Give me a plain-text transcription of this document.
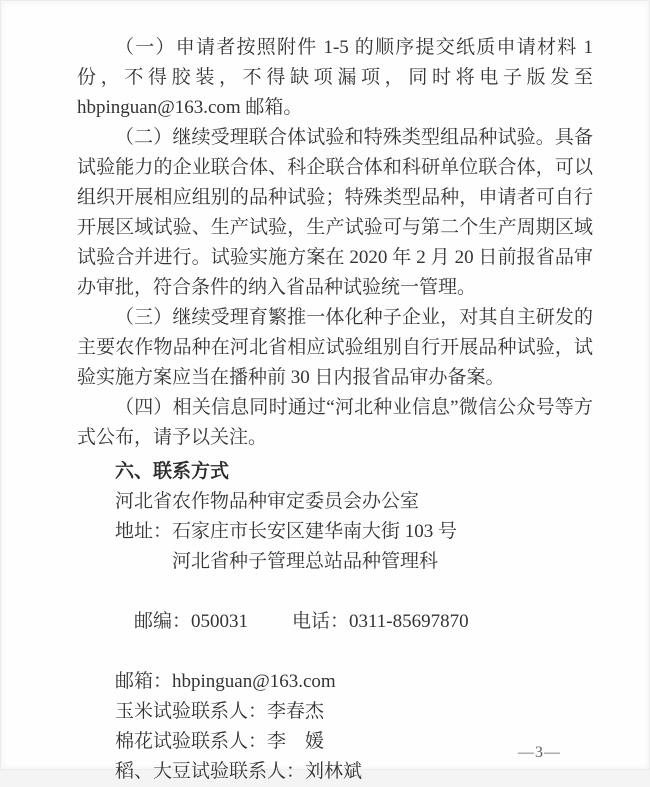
（一）申请者按照附件 1-5 的顺序提交纸质申请材料 1 份，不得胶装，不得缺项漏项，同时将电子版发至 hbpinguan@163.com 邮箱。

（二）继续受理联合体试验和特殊类型组品种试验。具备试验能力的企业联合体、科企联合体和科研单位联合体，可以组织开展相应组别的品种试验；特殊类型品种，申请者可自行开展区域试验、生产试验，生产试验可与第二个生产周期区域试验合并进行。试验实施方案在 2020 年 2 月 20 日前报省品审办审批，符合条件的纳入省品种试验统一管理。

（三）继续受理育繁推一体化种子企业，对其自主研发的主要农作物品种在河北省相应试验组别自行开展品种试验，试验实施方案应当在播种前 30 日内报省品审办备案。

（四）相关信息同时通过“河北种业信息”微信公众号等方式公布，请予以关注。

六、联系方式

河北省农作物品种审定委员会办公室

地址：石家庄市长安区建华南大街 103 号

河北省种子管理总站品种管理科

邮编：050031 电话：0311-85697870

邮箱：hbpinguan@163.com

玉米试验联系人：李春杰

棉花试验联系人：李　媛

稻、大豆试验联系人：刘林斌

—3—
